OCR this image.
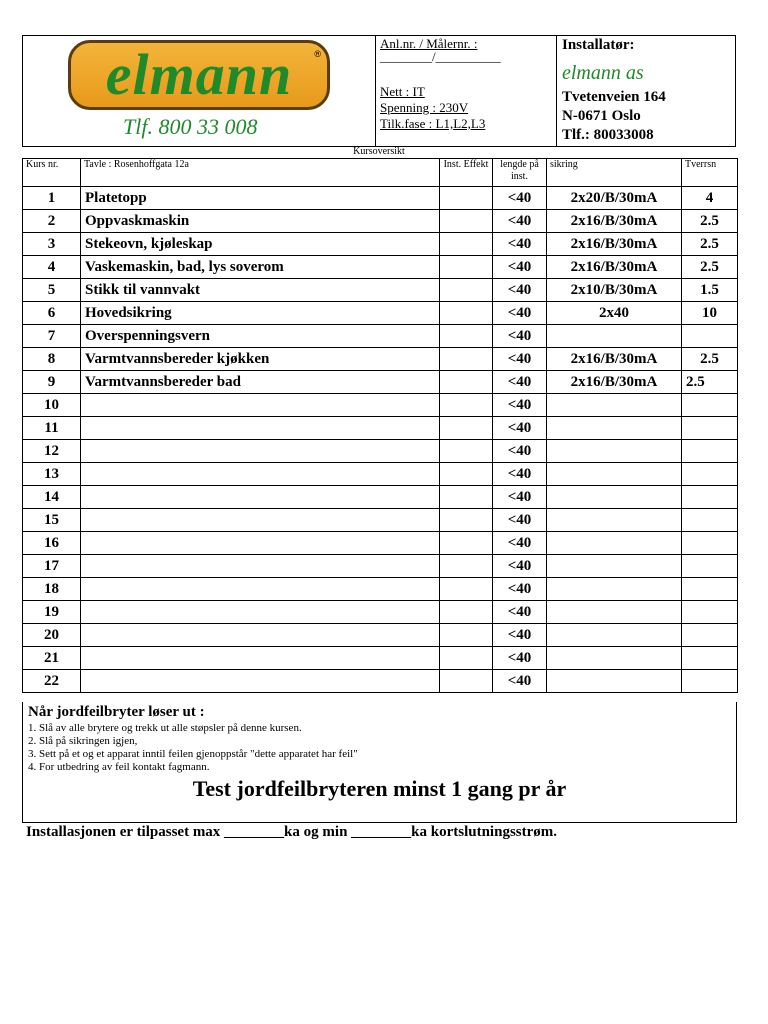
elmann	®
Tlf. 800 33 008
Anl.nr. / Målernr. :
________/__________
Nett : IT
Spenning : 230V
Tilk.fase : L1,L2,L3
Installatør:
elmann as
Tvetenveien 164
N-0671 Oslo
Tlf.: 80033008
Kursoversikt
Kurs nr.	Tavle : Rosenhoffgata 12a	Inst. Effekt	lengde på inst.	sikring	Tverrsn
1	Platetopp		<40	2x20/B/30mA	4
2	Oppvaskmaskin		<40	2x16/B/30mA	2.5
3	Stekeovn, kjøleskap		<40	2x16/B/30mA	2.5
4	Vaskemaskin, bad, lys soverom		<40	2x16/B/30mA	2.5
5	Stikk til vannvakt		<40	2x10/B/30mA	1.5
6	Hovedsikring		<40	2x40	10
7	Overspenningsvern		<40		
8	Varmtvannsbereder kjøkken		<40	2x16/B/30mA	2.5
9	Varmtvannsbereder bad		<40	2x16/B/30mA	2.5
10			<40		
11			<40		
12			<40		
13			<40		
14			<40		
15			<40		
16			<40		
17			<40		
18			<40		
19			<40		
20			<40		
21			<40		
22			<40		
Når jordfeilbryter løser ut :
1. Slå av alle brytere og trekk ut alle støpsler på denne kursen.
2. Slå på sikringen igjen,
3. Sett på et og et apparat inntil feilen gjenoppstår "dette apparatet har feil"
4. For utbedring av feil kontakt fagmann.
Test jordfeilbryteren minst 1 gang pr år
Installasjonen er tilpasset max ________ka og min ________ka kortslutningsstrøm.
